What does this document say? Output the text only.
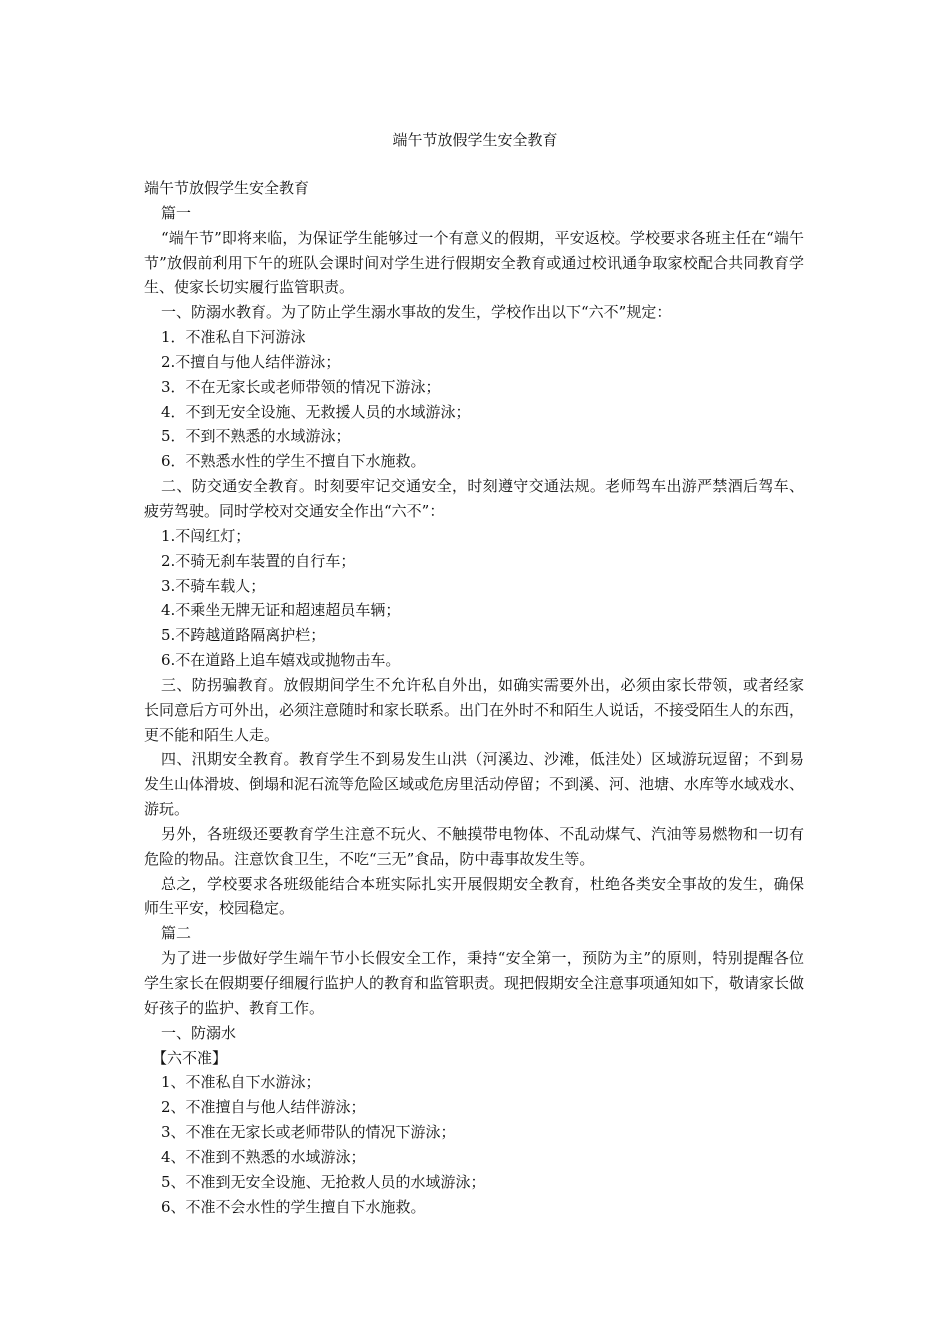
端午节放假学生安全教育

端午节放假学生安全教育

篇一

“端午节”即将来临，为保证学生能够过一个有意义的假期，平安返校。学校要求各班主任在“端午节”放假前利用下午的班队会课时间对学生进行假期安全教育或通过校讯通争取家校配合共同教育学生、使家长切实履行监管职责。

一、防溺水教育。为了防止学生溺水事故的发生，学校作出以下“六不”规定：

1．不准私自下河游泳

2.不擅自与他人结伴游泳；

3．不在无家长或老师带领的情况下游泳；

4．不到无安全设施、无救援人员的水域游泳；

5．不到不熟悉的水域游泳；

6．不熟悉水性的学生不擅自下水施救。

二、防交通安全教育。时刻要牢记交通安全，时刻遵守交通法规。老师驾车出游严禁酒后驾车、疲劳驾驶。同时学校对交通安全作出“六不”：

1.不闯红灯；

2.不骑无刹车装置的自行车；

3.不骑车载人；

4.不乘坐无牌无证和超速超员车辆；

5.不跨越道路隔离护栏；

6.不在道路上追车嬉戏或抛物击车。

三、防拐骗教育。放假期间学生不允许私自外出，如确实需要外出，必须由家长带领，或者经家长同意后方可外出，必须注意随时和家长联系。出门在外时不和陌生人说话，不接受陌生人的东西，更不能和陌生人走。

四、汛期安全教育。教育学生不到易发生山洪（河溪边、沙滩，低洼处）区域游玩逗留；不到易发生山体滑坡、倒塌和泥石流等危险区域或危房里活动停留；不到溪、河、池塘、水库等水域戏水、游玩。

另外，各班级还要教育学生注意不玩火、不触摸带电物体、不乱动煤气、汽油等易燃物和一切有危险的物品。注意饮食卫生，不吃“三无”食品，防中毒事故发生等。

总之，学校要求各班级能结合本班实际扎实开展假期安全教育，杜绝各类安全事故的发生，确保师生平安，校园稳定。

篇二

为了进一步做好学生端午节小长假安全工作，秉持“安全第一，预防为主”的原则，特别提醒各位学生家长在假期要仔细履行监护人的教育和监管职责。现把假期安全注意事项通知如下，敬请家长做好孩子的监护、教育工作。

一、防溺水

【六不准】

1、不准私自下水游泳；

2、不准擅自与他人结伴游泳；

3、不准在无家长或老师带队的情况下游泳；

4、不准到不熟悉的水域游泳；

5、不准到无安全设施、无抢救人员的水域游泳；

6、不准不会水性的学生擅自下水施救。
